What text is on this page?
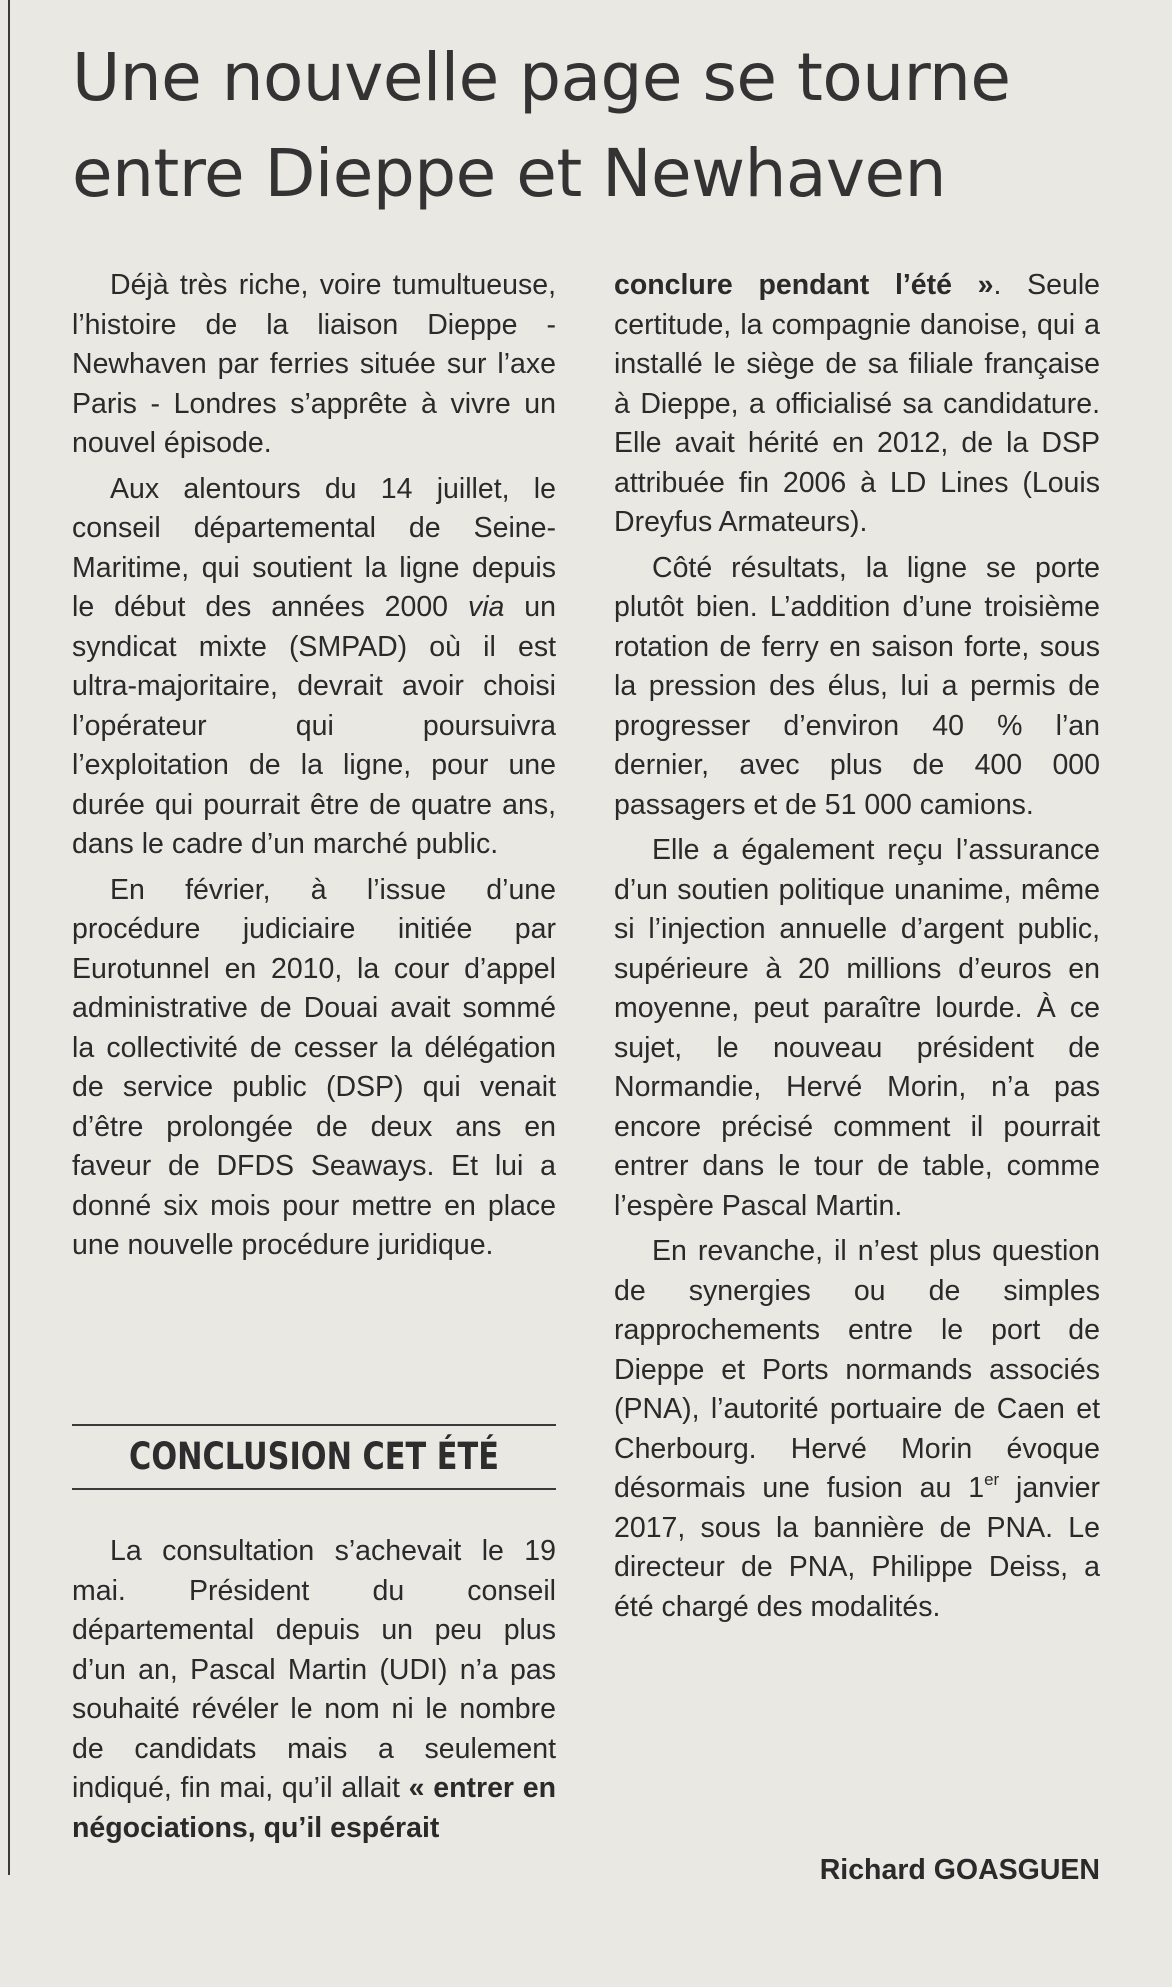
Une nouvelle page se tourne
entre Dieppe et Newhaven

Déjà très riche, voire tumultueuse, l’histoire de la liaison Dieppe - Newhaven par ferries située sur l’axe Paris - Londres s’apprête à vivre un nouvel épisode.

Aux alentours du 14 juillet, le conseil départemental de Seine-Maritime, qui soutient la ligne depuis le début des années 2000 via un syndicat mixte (SMPAD) où il est ultra-majoritaire, devrait avoir choisi l’opérateur qui poursuivra l’exploitation de la ligne, pour une durée qui pourrait être de quatre ans, dans le cadre d’un marché public.

En février, à l’issue d’une procédure judiciaire initiée par Eurotunnel en 2010, la cour d’appel administrative de Douai avait sommé la collectivité de cesser la délégation de service public (DSP) qui venait d’être prolongée de deux ans en faveur de DFDS Seaways. Et lui a donné six mois pour mettre en place une nouvelle procédure juridique.

CONCLUSION CET ÉTÉ

La consultation s’achevait le 19 mai. Président du conseil départemental depuis un peu plus d’un an, Pascal Martin (UDI) n’a pas souhaité révéler le nom ni le nombre de candidats mais a seulement indiqué, fin mai, qu’il allait « entrer en négociations, qu’il espérait

conclure pendant l’été ». Seule certitude, la compagnie danoise, qui a installé le siège de sa filiale française à Dieppe, a officialisé sa candidature. Elle avait hérité en 2012, de la DSP attribuée fin 2006 à LD Lines (Louis Dreyfus Armateurs).

Côté résultats, la ligne se porte plutôt bien. L’addition d’une troisième rotation de ferry en saison forte, sous la pression des élus, lui a permis de progresser d’environ 40 % l’an dernier, avec plus de 400 000 passagers et de 51 000 camions.

Elle a également reçu l’assurance d’un soutien politique unanime, même si l’injection annuelle d’argent public, supérieure à 20 millions d’euros en moyenne, peut paraître lourde. À ce sujet, le nouveau président de Normandie, Hervé Morin, n’a pas encore précisé comment il pourrait entrer dans le tour de table, comme l’espère Pascal Martin.

En revanche, il n’est plus question de synergies ou de simples rapprochements entre le port de Dieppe et Ports normands associés (PNA), l’autorité portuaire de Caen et Cherbourg. Hervé Morin évoque désormais une fusion au 1er janvier 2017, sous la bannière de PNA. Le directeur de PNA, Philippe Deiss, a été chargé des modalités.

Richard GOASGUEN
